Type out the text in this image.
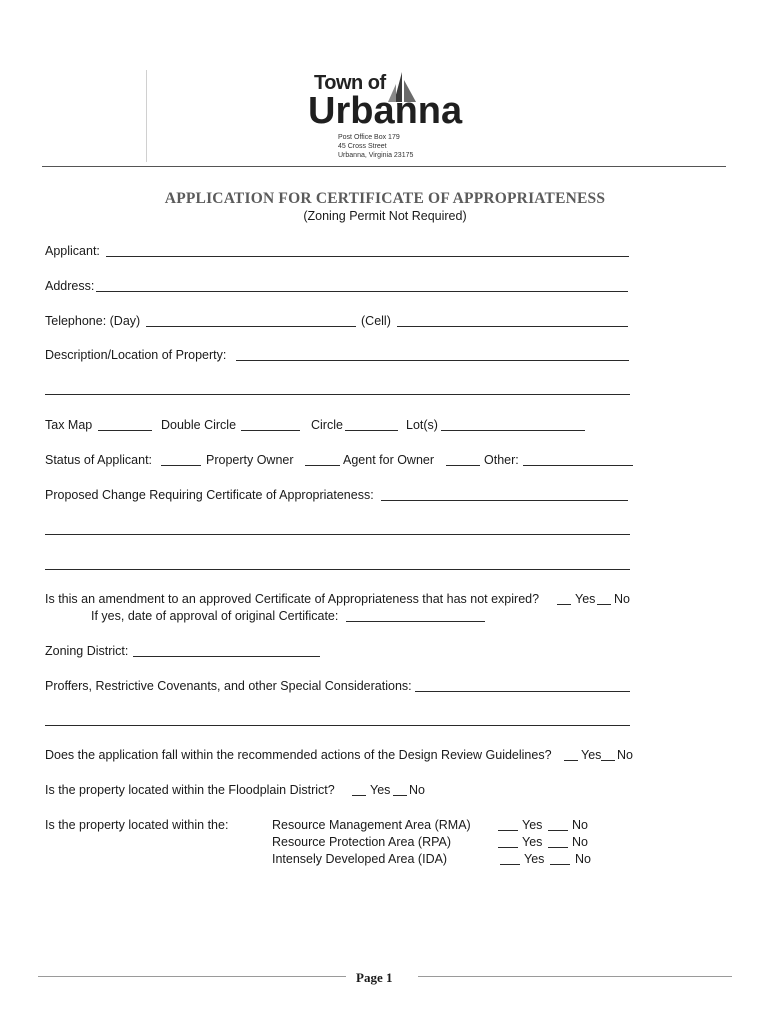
Town of
Urbanna
Post Office Box 179
45 Cross Street
Urbanna, Virginia 23175
APPLICATION FOR CERTIFICATE OF APPROPRIATENESS
(Zoning Permit Not Required)
Applicant:
Address:
Telephone: (Day)	(Cell)
Description/Location of Property:
Tax Map	Double Circle	Circle	Lot(s)
Status of Applicant:	Property Owner	Agent for Owner	Other:
Proposed Change Requiring Certificate of Appropriateness:
Is this an amendment to an approved Certificate of Appropriateness that has not expired?	Yes No
If yes, date of approval of original Certificate:
Zoning District:
Proffers, Restrictive Covenants, and other Special Considerations:
Does the application fall within the recommended actions of the Design Review Guidelines? Yes No
Is the property located within the Floodplain District?	Yes No
Is the property located within the:	Resource Management Area (RMA)	Yes No
Resource Protection Area (RPA)	Yes No
Intensely Developed Area (IDA)	Yes No
Page 1
